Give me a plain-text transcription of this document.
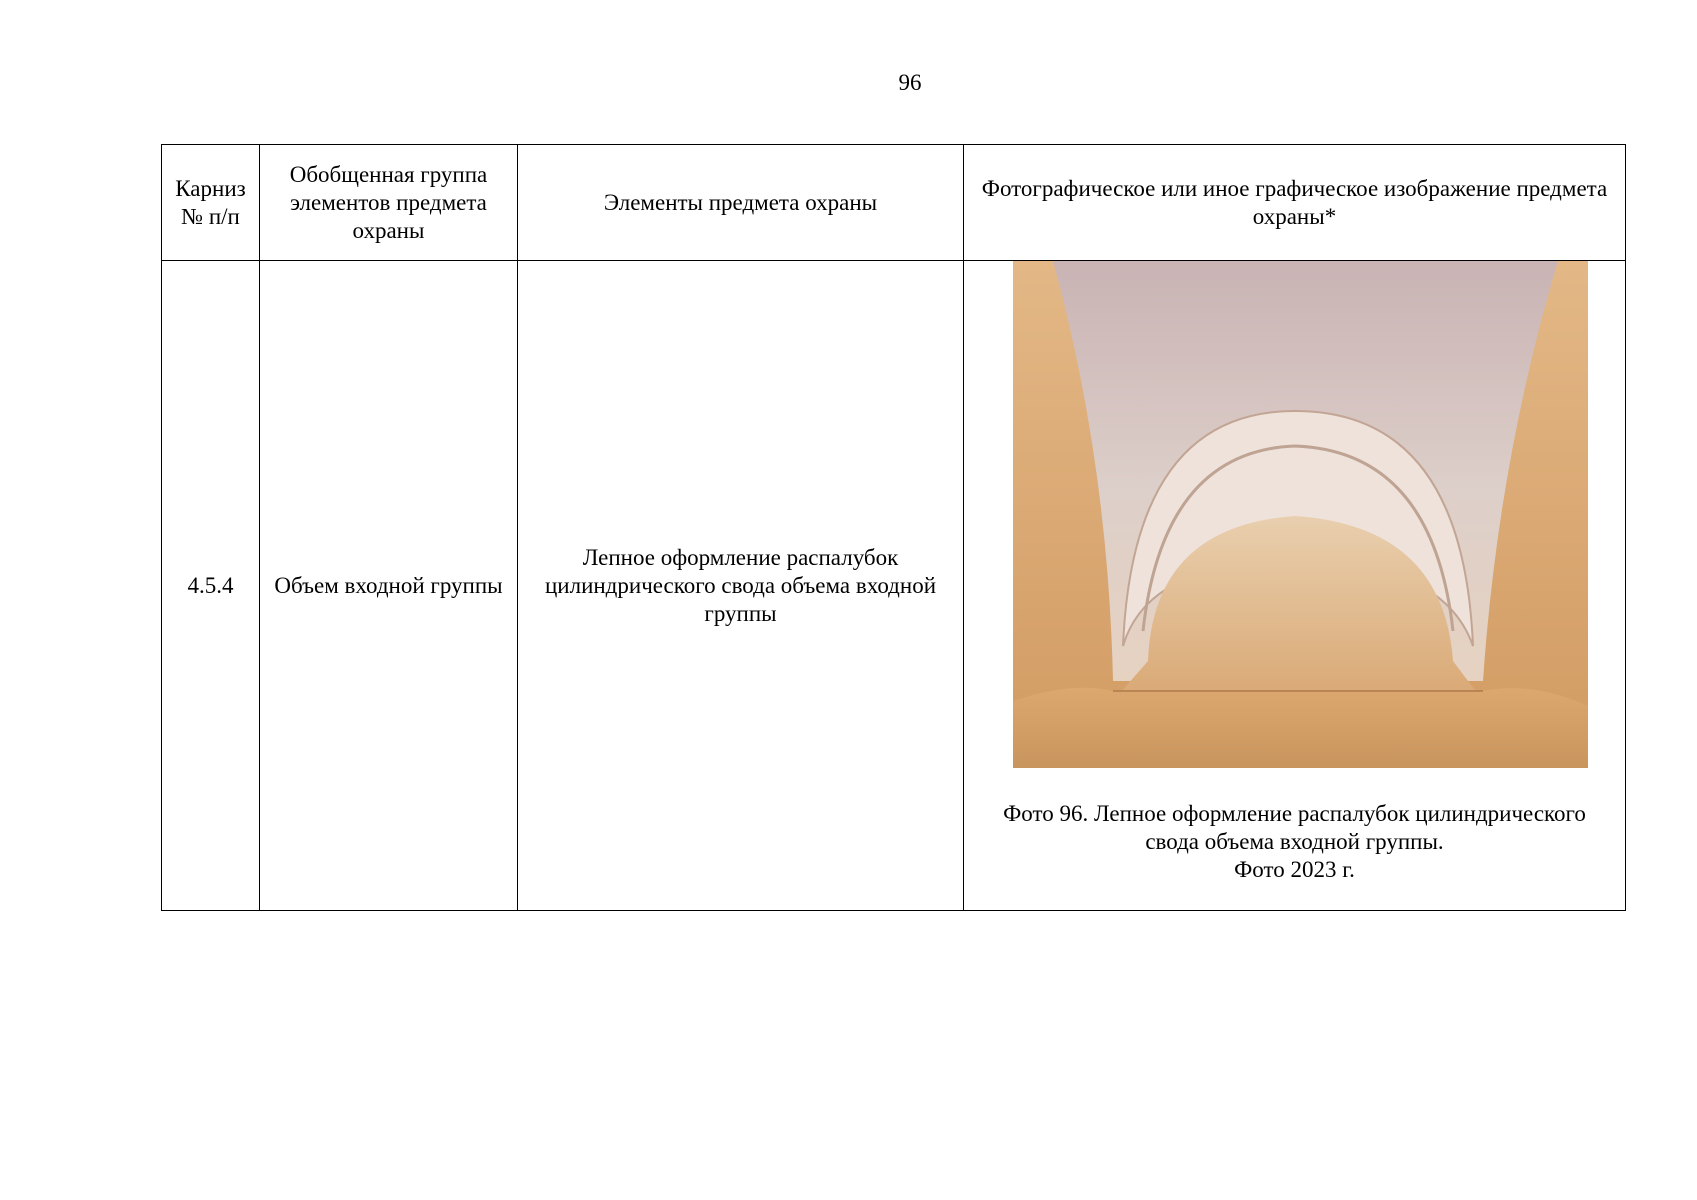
96
Карниз № п/п	Обобщенная группа элементов предмета охраны	Элементы предмета охраны	Фотографическое или иное графическое изображение предмета охраны*
4.5.4	Объем входной группы	Лепное оформление распалубок цилиндрического свода объема входной группы	Фото 96. Лепное оформление распалубок цилиндрического свода объема входной группы.
Фото 2023 г.
